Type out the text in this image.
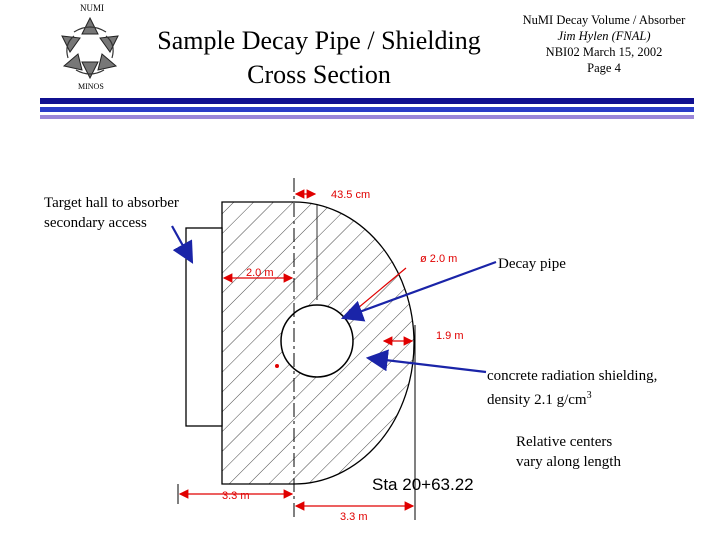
NUMI
MINOS
Sample Decay Pipe / Shielding
Cross Section
NuMI Decay Volume / Absorber
Jim Hylen (FNAL)
NBI02 March 15, 2002
Page 4
43.5 cm
ø 2.0 m
2.0 m
1.9 m
3.3 m
3.3 m
Sta 20+63.22
Target hall to absorber
secondary access
Decay pipe
concrete radiation shielding,
density 2.1 $g/cm^3$
Relative centers
vary along length
